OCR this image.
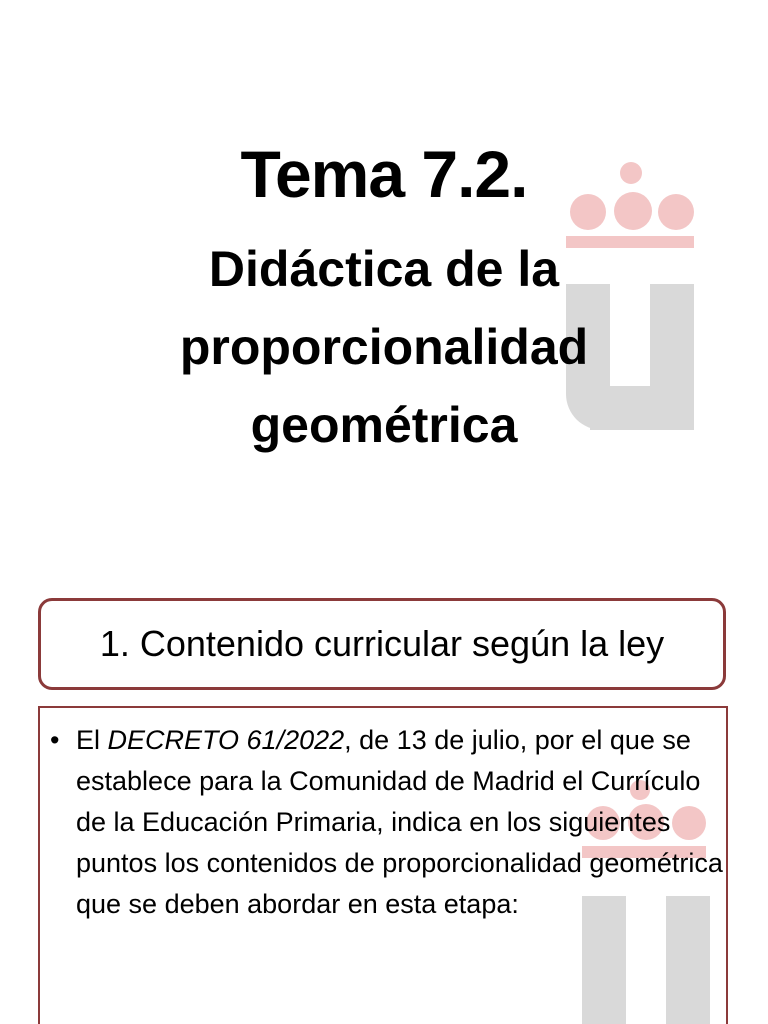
Tema 7.2.
Didáctica de la proporcionalidad geométrica
1. Contenido curricular según la ley
• El DECRETO 61/2022, de 13 de julio, por el que se establece para la Comunidad de Madrid el Currículo de la Educación Primaria, indica en los siguientes puntos los contenidos de proporcionalidad geométrica que se deben abordar en esta etapa:
